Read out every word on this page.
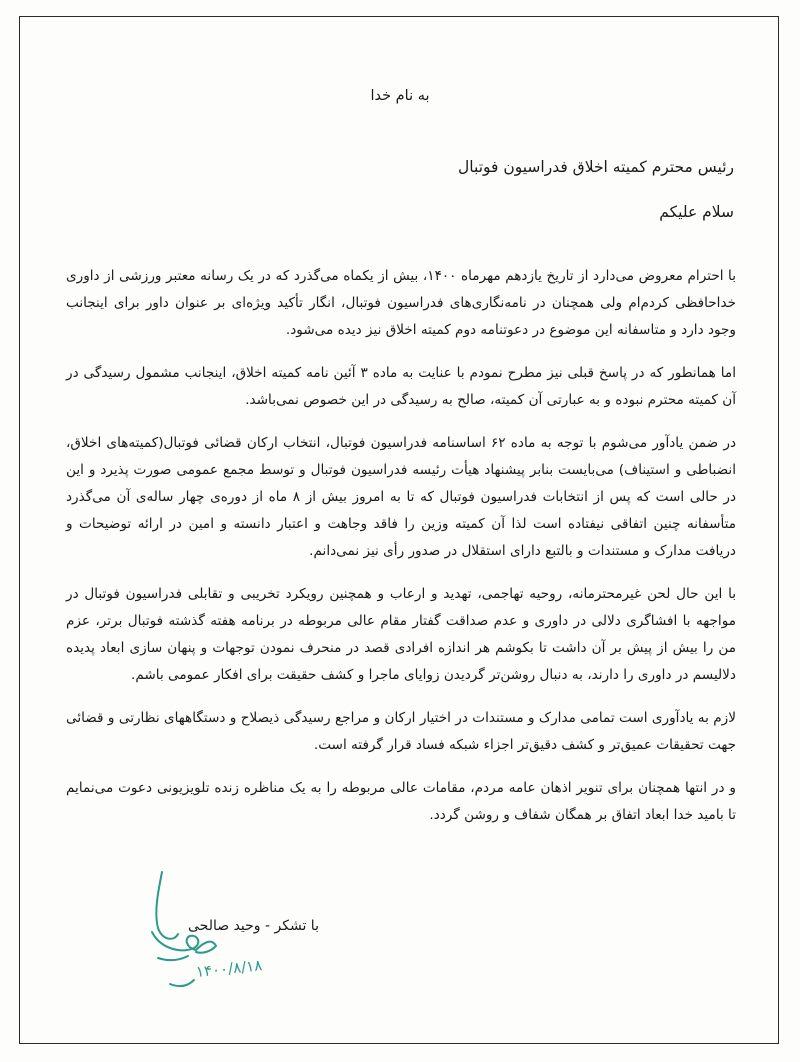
به نام خدا
رئیس محترم کمیته اخلاق فدراسیون فوتبال
سلام علیکم

با احترام معروض می‌دارد از تاریخ یازدهم مهرماه ۱۴۰۰، بیش از یکماه می‌گذرد که در یک رسانه معتبر ورزشی از داوری خداحافظی کردم‌ام ولی همچنان در نامه‌نگاری‌های فدراسیون فوتبال، انگار تأکید ویژه‌ای بر عنوان داور برای اینجانب وجود دارد و متاسفانه این موضوع در دعوتنامه دوم کمیته اخلاق نیز دیده می‌شود.

اما همانطور که در پاسخ قبلی نیز مطرح نمودم با عنایت به ماده ۳ آئین نامه کمیته اخلاق، اینجانب مشمول رسیدگی در آن کمیته محترم نبوده و به عبارتی آن کمیته، صالح به رسیدگی در این خصوص نمی‌باشد.

در ضمن یادآور می‌شوم با توجه به ماده ۶۲ اساسنامه فدراسیون فوتبال، انتخاب ارکان قضائی فوتبال(کمیته‌های اخلاق، انضباطی و استیناف) می‌بایست بنابر پیشنهاد هیأت رئیسه فدراسیون فوتبال و توسط مجمع عمومی صورت پذیرد و این در حالی است که پس از انتخابات فدراسیون فوتبال که تا به امروز بیش از ۸ ماه از دوره‌ی چهار ساله‌ی آن می‌گذرد متأسفانه چنین اتفاقی نیفتاده است لذا آن کمیته وزین را فاقد وجاهت و اعتبار دانسته و امین در ارائه توضیحات و دریافت مدارک و مستندات و بالتبع دارای استقلال در صدور رأی نیز نمی‌دانم.

با این حال لحن غیرمحترمانه، روحیه تهاجمی، تهدید و ارعاب و همچنین رویکرد تخریبی و تقابلی فدراسیون فوتبال در مواجهه با افشاگری دلالی در داوری و عدم صداقت گفتار مقام عالی مربوطه در برنامه هفته گذشته فوتبال برتر، عزم من را بیش از پیش بر آن داشت تا بکوشم هر اندازه افرادی قصد در منحرف نمودن توجهات و پنهان سازی ابعاد پدیده دلالیسم در داوری را دارند، به دنبال روشن‌تر گردیدن زوایای ماجرا و کشف حقیقت برای افکار عمومی باشم.

لازم به یادآوری است تمامی مدارک و مستندات در اختیار ارکان و مراجع رسیدگی ذیصلاح و دستگاههای نظارتی و قضائی جهت تحقیقات عمیق‌تر و کشف دقیق‌تر اجزاء شبکه فساد قرار گرفته است.

و در انتها همچنان برای تنویر اذهان عامه مردم، مقامات عالی مربوطه را به یک مناظره زنده تلویزیونی دعوت می‌نمایم تا بامید خدا ابعاد اتفاق بر همگان شفاف و روشن گردد.

با تشکر - وحید صالحی
۱۴۰۰/۸/۱۸
